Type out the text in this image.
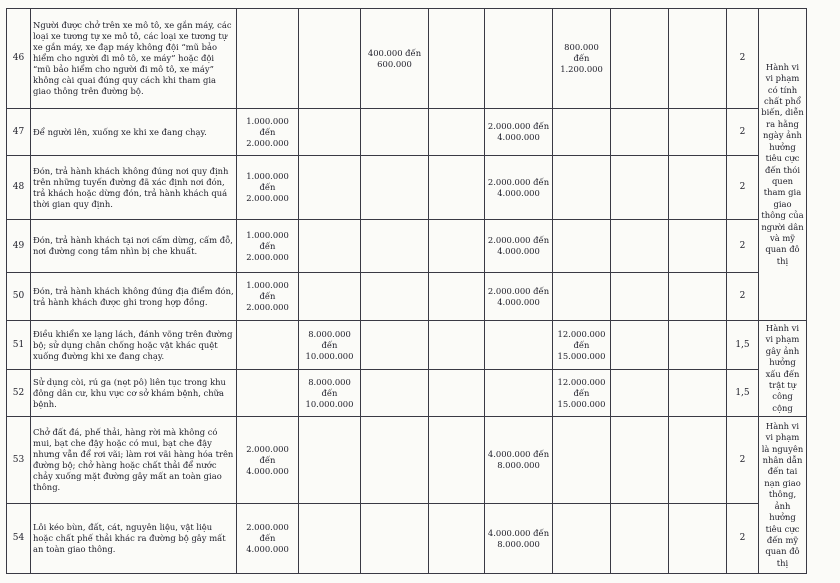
46	Người được chở trên xe mô tô, xe gắn máy, các loại xe tương tự xe mô tô, các loại xe tương tự xe gắn máy, xe đạp máy không đội “mũ bảo hiểm cho người đi mô tô, xe máy” hoặc đội “mũ bảo hiểm cho người đi mô tô, xe máy” không cài quai đúng quy cách khi tham gia giao thông trên đường bộ.			400.000 đến 600.000			800.000 đến 1.200.000			2	Hành vi vi phạm có tính chất phổ biến, diễn ra hằng ngày ảnh hưởng tiêu cực đến thói quen tham gia giao thông của người dân và mỹ quan đô thị
47	Để người lên, xuống xe khi xe đang chạy.	1.000.000 đến 2.000.000				2.000.000 đến 4.000.000				2	
48	Đón, trả hành khách không đúng nơi quy định trên những tuyến đường đã xác định nơi đón, trả khách hoặc dừng đón, trả hành khách quá thời gian quy định.	1.000.000 đến 2.000.000				2.000.000 đến 4.000.000				2	
49	Đón, trả hành khách tại nơi cấm dừng, cấm đỗ, nơi đường cong tầm nhìn bị che khuất.	1.000.000 đến 2.000.000				2.000.000 đến 4.000.000				2	
50	Đón, trả hành khách không đúng địa điểm đón, trả hành khách được ghi trong hợp đồng.	1.000.000 đến 2.000.000				2.000.000 đến 4.000.000				2	
51	Điều khiển xe lạng lách, đánh võng trên đường bộ; sử dụng chân chống hoặc vật khác quệt xuống đường khi xe đang chạy.		8.000.000 đến 10.000.000				12.000.000 đến 15.000.000			1,5	Hành vi vi phạm gây ảnh hưởng xấu đến trật tự công cộng
52	Sử dụng còi, rú ga (nẹt pô) liên tục trong khu đông dân cư, khu vực cơ sở khám bệnh, chữa bệnh.		8.000.000 đến 10.000.000				12.000.000 đến 15.000.000			1,5	
53	Chở đất đá, phế thải, hàng rời mà không có mui, bạt che đậy hoặc có mui, bạt che đậy nhưng vẫn để rơi vãi; làm rơi vãi hàng hóa trên đường bộ; chở hàng hoặc chất thải để nước chảy xuống mặt đường gây mất an toàn giao thông.	2.000.000 đến 4.000.000				4.000.000 đến 8.000.000				2	Hành vi vi phạm là nguyên nhân dẫn đến tai nạn giao thông, ảnh hưởng tiêu cực đến mỹ quan đô thị
54	Lôi kéo bùn, đất, cát, nguyên liệu, vật liệu hoặc chất phế thải khác ra đường bộ gây mất an toàn giao thông.	2.000.000 đến 4.000.000				4.000.000 đến 8.000.000				2	
